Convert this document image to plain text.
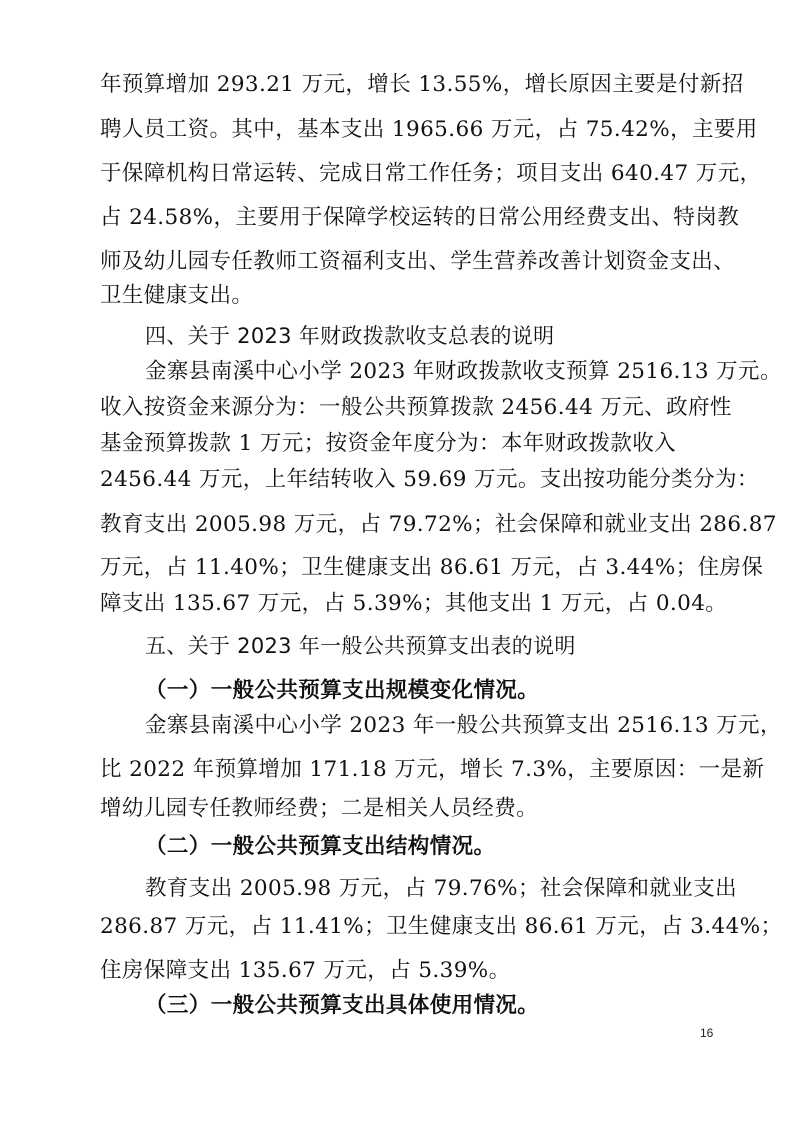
年预算增加 293.21 万元，增长 13.55%，增长原因主要是付新招
聘人员工资。其中，基本支出 1965.66 万元，占 75.42%，主要用
于保障机构日常运转、完成日常工作任务；项目支出 640.47 万元，
占 24.58%，主要用于保障学校运转的日常公用经费支出、特岗教
师及幼儿园专任教师工资福利支出、学生营养改善计划资金支出、
卫生健康支出。
四、关于 2023 年财政拨款收支总表的说明
金寨县南溪中心小学 2023 年财政拨款收支预算 2516.13 万元。
收入按资金来源分为：一般公共预算拨款 2456.44 万元、政府性
基金预算拨款 1 万元；按资金年度分为：本年财政拨款收入
2456.44 万元，上年结转收入 59.69 万元。支出按功能分类分为：
教育支出 2005.98 万元，占 79.72%；社会保障和就业支出 286.87
万元，占 11.40%；卫生健康支出 86.61 万元，占 3.44%；住房保
障支出 135.67 万元，占 5.39%；其他支出 1 万元，占 0.04。
五、关于 2023 年一般公共预算支出表的说明
（一）一般公共预算支出规模变化情况。
金寨县南溪中心小学 2023 年一般公共预算支出 2516.13 万元，
比 2022 年预算增加 171.18 万元，增长 7.3%，主要原因：一是新
增幼儿园专任教师经费；二是相关人员经费。
（二）一般公共预算支出结构情况。
教育支出 2005.98 万元，占 79.76%；社会保障和就业支出
286.87 万元，占 11.41%；卫生健康支出 86.61 万元，占 3.44%；
住房保障支出 135.67 万元，占 5.39%。
（三）一般公共预算支出具体使用情况。
16
